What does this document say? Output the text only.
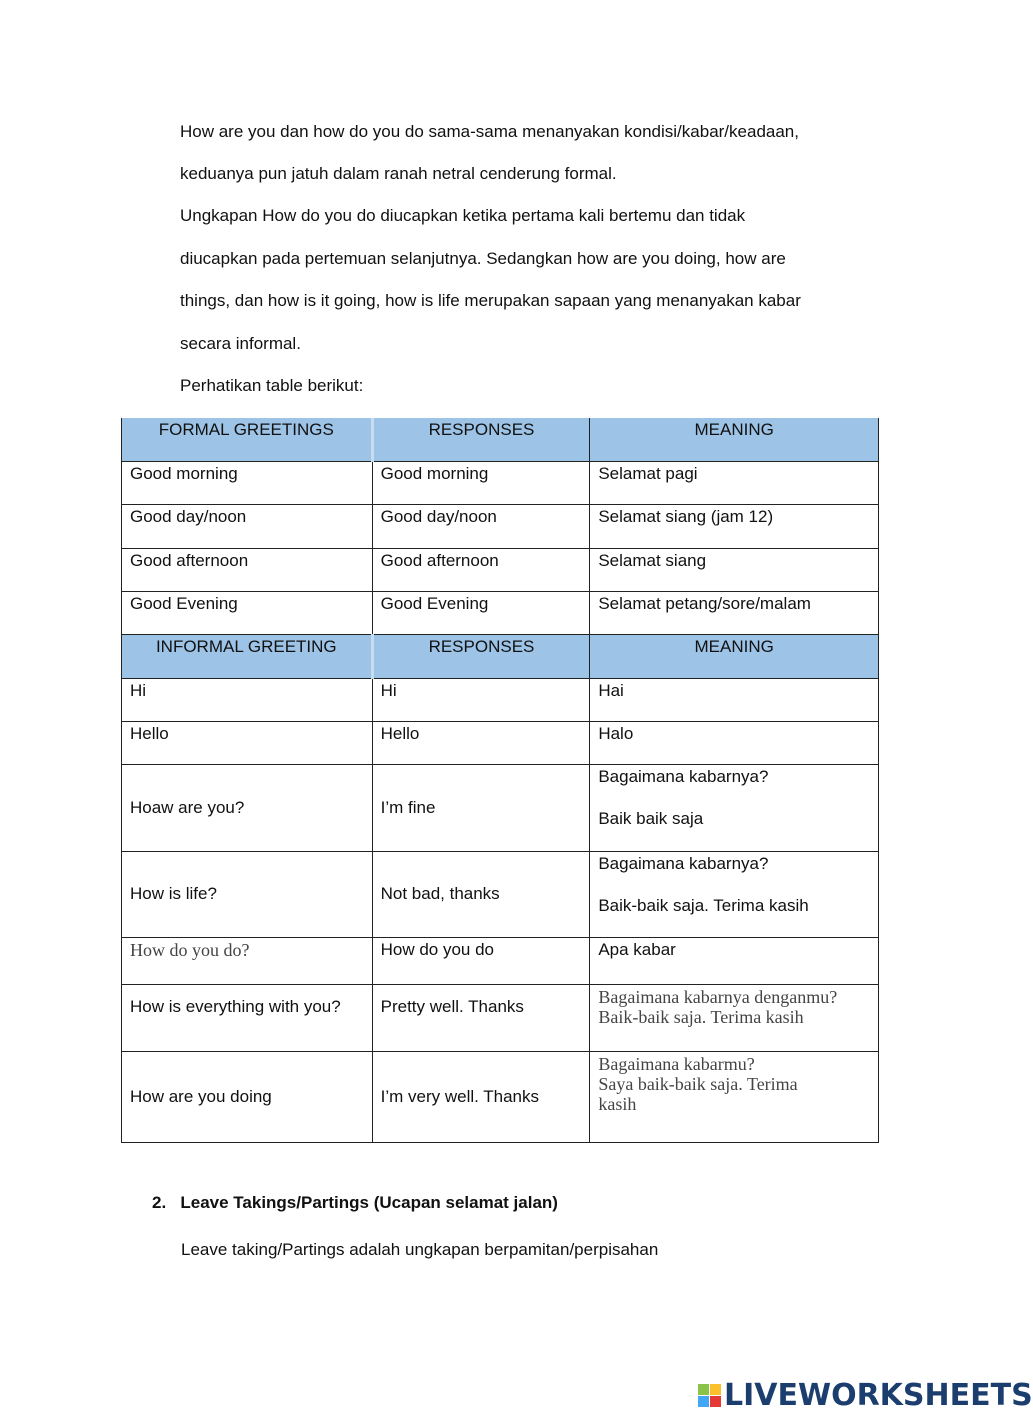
How are you dan how do you do sama-sama menanyakan kondisi/kabar/keadaan,
keduanya pun jatuh dalam ranah netral cenderung formal.
Ungkapan How do you do diucapkan ketika pertama kali bertemu dan tidak
diucapkan pada pertemuan selanjutnya. Sedangkan how are you doing, how are
things, dan how is it going, how is life merupakan sapaan yang menanyakan kabar
secara informal.
Perhatikan table berikut:
FORMAL GREETINGS	RESPONSES	MEANING
Good morning	Good morning	Selamat pagi
Good day/noon	Good day/noon	Selamat siang (jam 12)
Good afternoon	Good afternoon	Selamat siang
Good Evening	Good Evening	Selamat petang/sore/malam
INFORMAL GREETING	RESPONSES	MEANING
Hi	Hi	Hai
Hello	Hello	Halo
Hoaw are you?	I’m fine	Bagaimana kabarnya?
Baik baik saja
How is life?	Not bad, thanks	Bagaimana kabarnya?
Baik-baik saja. Terima kasih
How do you do?	How do you do	Apa kabar
How is everything with you?	Pretty well. Thanks	Bagaimana kabarnya denganmu?
Baik-baik saja. Terima kasih
How are you doing	I’m very well. Thanks	Bagaimana kabarmu?
Saya baik-baik saja. Terima kasih
2. Leave Takings/Partings (Ucapan selamat jalan)
Leave taking/Partings adalah ungkapan berpamitan/perpisahan
LIVEWORKSHEETS
